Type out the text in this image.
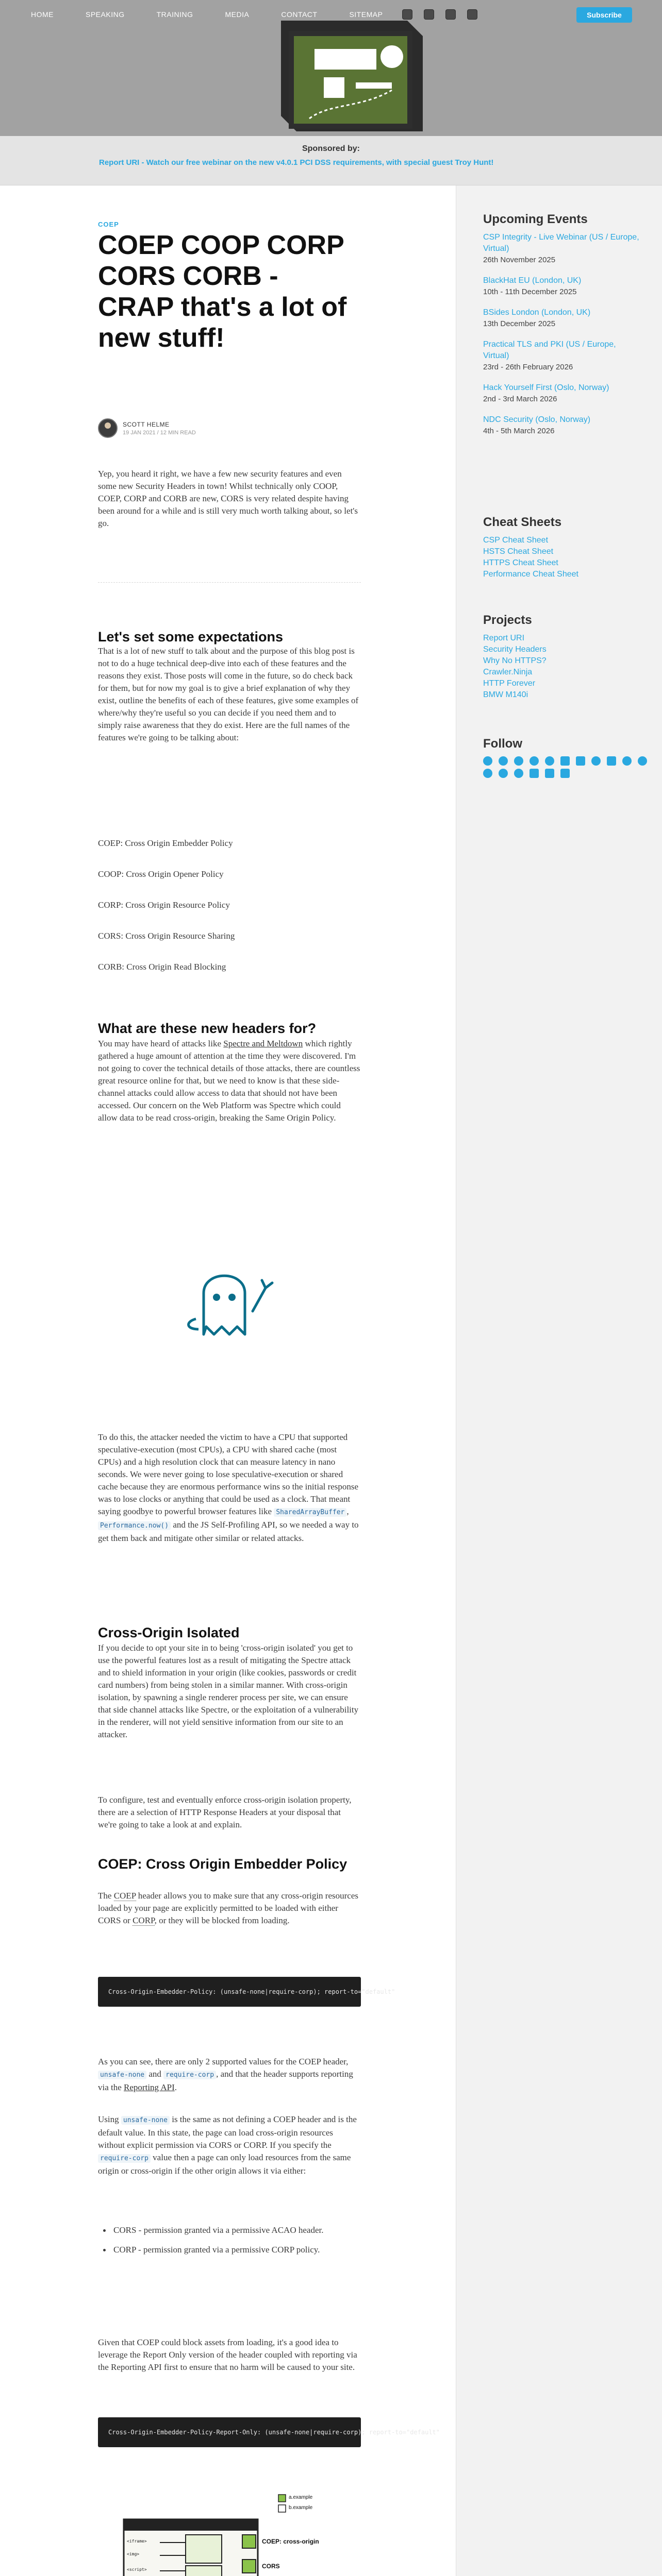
HOME	SPEAKING	TRAINING	MEDIA	CONTACT	SITEMAP	Subscribe
Sponsored by:
Report URI - Watch our free webinar on the new v4.0.1 PCI DSS requirements, with special guest Troy Hunt!
COEP
COEP COOP CORP CORS CORB - CRAP that's a lot of new stuff!
SCOTT HELME
19 JAN 2021 / 12 MIN READ

Yep, you heard it right, we have a few new security features and even some new Security Headers in town! Whilst technically only COOP, COEP, CORP and CORB are new, CORS is very related despite having been around for a while and is still very much worth talking about, so let's go.

Let's set some expectations

That is a lot of new stuff to talk about and the purpose of this blog post is not to do a huge technical deep-dive into each of these features and the reasons they exist. Those posts will come in the future, so do check back for them, but for now my goal is to give a brief explanation of why they exist, outline the benefits of each of these features, give some examples of where/why they're useful so you can decide if you need them and to simply raise awareness that they do exist. Here are the full names of the features we're going to be talking about:

COEP: Cross Origin Embedder Policy

COOP: Cross Origin Opener Policy

CORP: Cross Origin Resource Policy

CORS: Cross Origin Resource Sharing

CORB: Cross Origin Read Blocking

What are these new headers for?

You may have heard of attacks like Spectre and Meltdown which rightly gathered a huge amount of attention at the time they were discovered. I'm not going to cover the technical details of those attacks, there are countless great resource online for that, but we need to know is that these side-channel attacks could allow access to data that should not have been accessed. Our concern on the Web Platform was Spectre which could allow data to be read cross-origin, breaking the Same Origin Policy.

To do this, the attacker needed the victim to have a CPU that supported speculative-execution (most CPUs), a CPU with shared cache (most CPUs) and a high resolution clock that can measure latency in nano seconds. We were never going to lose speculative-execution or shared cache because they are enormous performance wins so the initial response was to lose clocks or anything that could be used as a clock. That meant saying goodbye to powerful browser features like SharedArrayBuffer , Performance.now() and the JS Self-Profiling API, so we needed a way to get them back and mitigate other similar or related attacks.

Cross-Origin Isolated

If you decide to opt your site in to being 'cross-origin isolated' you get to use the powerful features lost as a result of mitigating the Spectre attack and to shield information in your origin (like cookies, passwords or credit card numbers) from being stolen in a similar manner. With cross-origin isolation, by spawning a single renderer process per site, we can ensure that side channel attacks like Spectre, or the exploitation of a vulnerability in the renderer, will not yield sensitive information from our site to an attacker.

To configure, test and eventually enforce cross-origin isolation property, there are a selection of HTTP Response Headers at your disposal that we're going to take a look at and explain.

COEP: Cross Origin Embedder Policy

The COEP header allows you to make sure that any cross-origin resources loaded by your page are explicitly permitted to be loaded with either CORS or CORP, or they will be blocked from loading.

Cross-Origin-Embedder-Policy: (unsafe-none|require-corp); report-to="default"

As you can see, there are only 2 supported values for the COEP header, unsafe-none and require-corp , and that the header supports reporting via the Reporting API.

Using unsafe-none is the same as not defining a COEP header and is the default value. In this state, the page can load cross-origin resources without explicit permission via CORS or CORP. If you specify the require-corp value then a page can only load resources from the same origin or cross-origin if the other origin allows it via either:

CORS - permission granted via a permissive ACAO header.
CORP - permission granted via a permissive CORP policy.

Given that COEP could block assets from loading, it's a good idea to leverage the Report Only version of the header coupled with reporting via the Reporting API first to ensure that no harm will be caused to your site.

Cross-Origin-Embedder-Policy-Report-Only: (unsafe-none|require-corp); report-to="default"
a.example
b.example
<iframe>
<img>
<script>
COEP: cross-origin
CORS

Upcoming Events
CSP Integrity - Live Webinar (US / Europe, Virtual)
26th November 2025
BlackHat EU (London, UK)
10th - 11th December 2025
BSides London (London, UK)
13th December 2025
Practical TLS and PKI (US / Europe, Virtual)
23rd - 26th February 2026
Hack Yourself First (Oslo, Norway)
2nd - 3rd March 2026
NDC Security (Oslo, Norway)
4th - 5th March 2026
Cheat Sheets
CSP Cheat Sheet
HSTS Cheat Sheet
HTTPS Cheat Sheet
Performance Cheat Sheet
Projects
Report URI
Security Headers
Why No HTTPS?
Crawler.Ninja
HTTP Forever
BMW M140i
Follow
